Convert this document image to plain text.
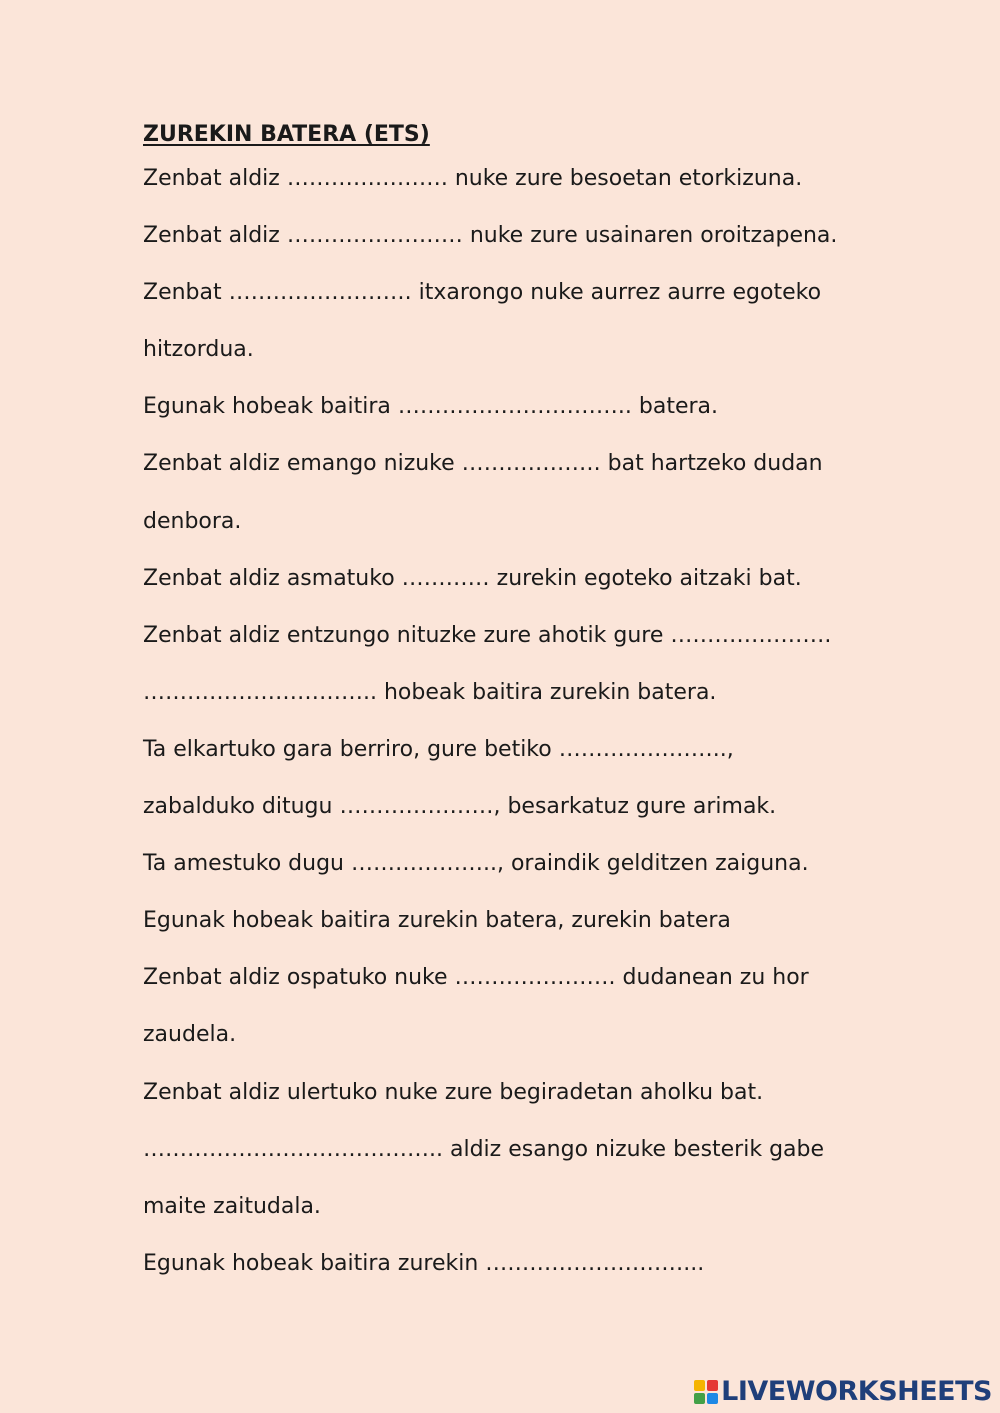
ZUREKIN BATERA (ETS)
Zenbat aldiz …………………. nuke zure besoetan etorkizuna.
Zenbat aldiz …………………… nuke zure usainaren oroitzapena.
Zenbat ……………………. itxarongo nuke aurrez aurre egoteko
hitzordua.
Egunak hobeak baitira ………………………….. batera.
Zenbat aldiz emango nizuke ………………. bat hartzeko dudan
denbora.
Zenbat aldiz asmatuko ………… zurekin egoteko aitzaki bat.
Zenbat aldiz entzungo nituzke zure ahotik gure ………………….
………………………….. hobeak baitira zurekin batera.
Ta elkartuko gara berriro, gure betiko …………………..,
zabalduko ditugu …………………, besarkatuz gure arimak.
Ta amestuko dugu ……………….., oraindik gelditzen zaiguna.
Egunak hobeak baitira zurekin batera, zurekin batera
Zenbat aldiz ospatuko nuke …………………. dudanean zu hor
zaudela.
Zenbat aldiz ulertuko nuke zure begiradetan aholku bat.
………………………………….. aldiz esango nizuke besterik gabe
maite zaitudala.
Egunak hobeak baitira zurekin ………………………...
LIVEWORKSHEETS
